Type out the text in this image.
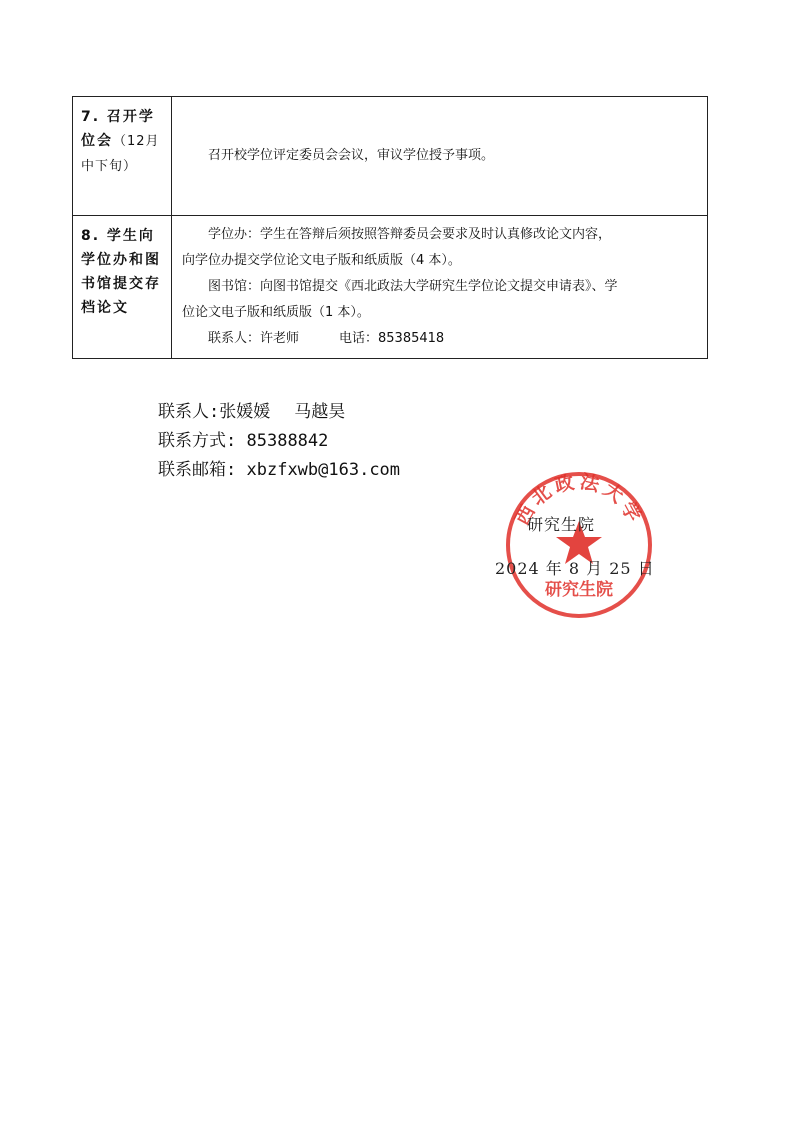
7. 召开学位会（12月中下旬）	召开校学位评定委员会会议，审议学位授予事项。

8. 学生向学位办和图书馆提交存档论文	学位办：学生在答辩后须按照答辩委员会要求及时认真修改论文内容，

向学位办提交学位论文电子版和纸质版（4 本）。

图书馆：向图书馆提交《西北政法大学研究生学位论文提交申请表》、学

位论文电子版和纸质版（1 本）。

联系人：许老师 电话：85385418

联系人:张媛媛 马越昊
联系方式: 85388842
联系邮箱: xbzfxwb@163.com
西北政法大学
研究生院
研究生院
2024 年 8 月 25 日
